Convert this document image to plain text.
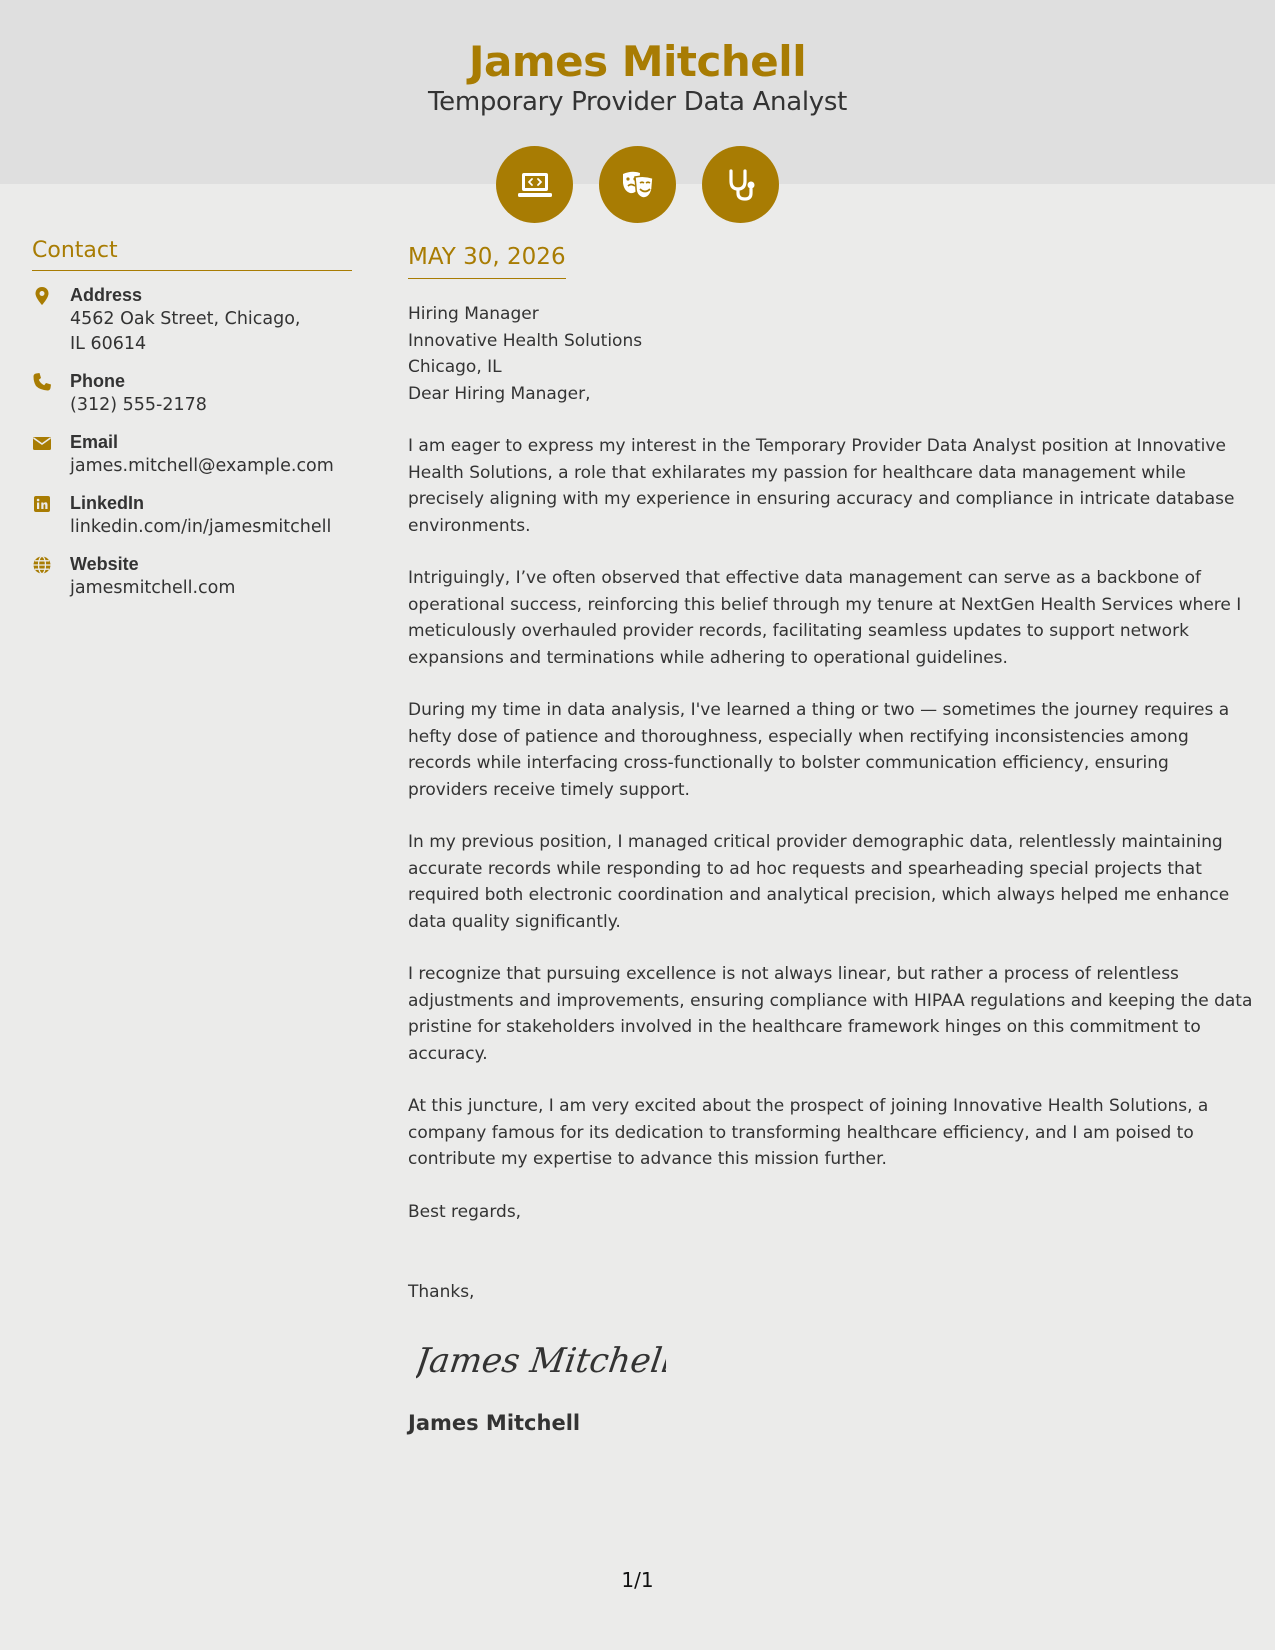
James Mitchell
Temporary Provider Data Analyst
Contact
Address
4562 Oak Street, Chicago, IL 60614
Phone
(312) 555-2178
Email
james.mitchell@example.com
LinkedIn
linkedin.com/in/jamesmitchell
Website
jamesmitchell.com
MAY 30, 2026
Hiring Manager
Innovative Health Solutions
Chicago, IL

Dear Hiring Manager,

I am eager to express my interest in the Temporary Provider Data Analyst position at Innovative Health Solutions, a role that exhilarates my passion for healthcare data management while precisely aligning with my experience in ensuring accuracy and compliance in intricate database environments.

Intriguingly, I’ve often observed that effective data management can serve as a backbone of operational success, reinforcing this belief through my tenure at NextGen Health Services where I meticulously overhauled provider records, facilitating seamless updates to support network expansions and terminations while adhering to operational guidelines.

During my time in data analysis, I've learned a thing or two — sometimes the journey requires a hefty dose of patience and thoroughness, especially when rectifying inconsistencies among records while interfacing cross-functionally to bolster communication efficiency, ensuring providers receive timely support.

In my previous position, I managed critical provider demographic data, relentlessly maintaining accurate records while responding to ad hoc requests and spearheading special projects that required both electronic coordination and analytical precision, which always helped me enhance data quality significantly.

I recognize that pursuing excellence is not always linear, but rather a process of relentless adjustments and improvements, ensuring compliance with HIPAA regulations and keeping the data pristine for stakeholders involved in the healthcare framework hinges on this commitment to accuracy.

At this juncture, I am very excited about the prospect of joining Innovative Health Solutions, a company famous for its dedication to transforming healthcare efficiency, and I am poised to contribute my expertise to advance this mission further.

Best regards,

Thanks,

James Mitchell
James Mitchell
1/1
